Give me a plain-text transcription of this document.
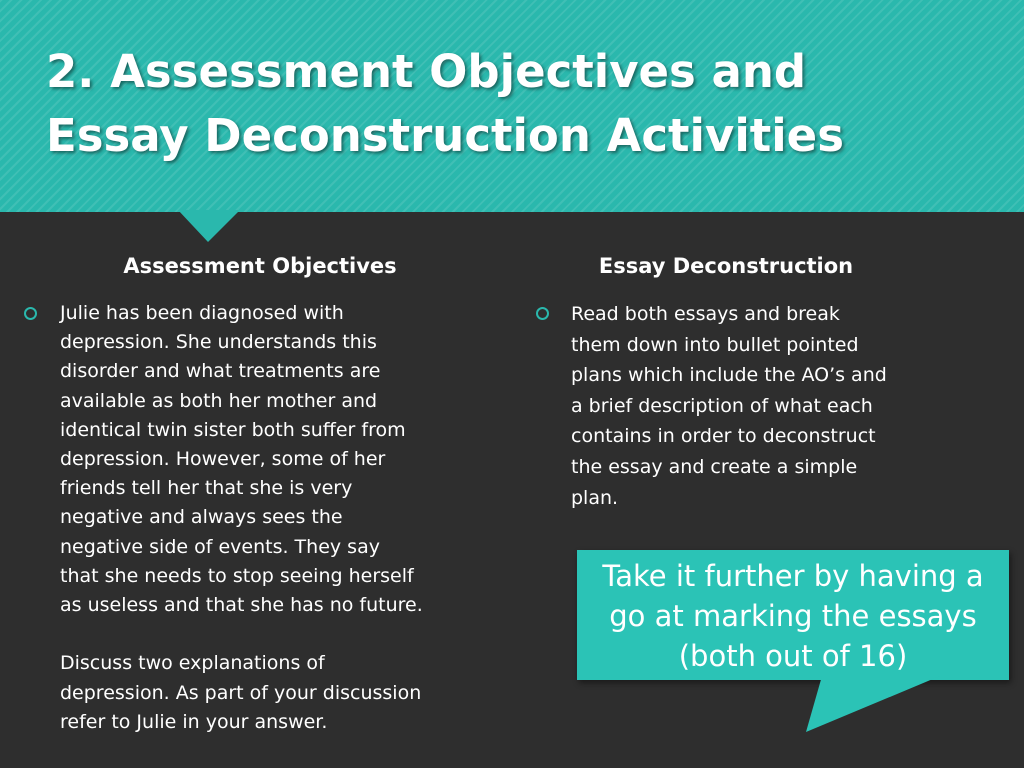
2. Assessment Objectives and
Essay Deconstruction Activities
Assessment Objectives	Essay Deconstruction

Julie has been diagnosed with
depression. She understands this
disorder and what treatments are
available as both her mother and
identical twin sister both suffer from
depression. However, some of her
friends tell her that she is very
negative and always sees the
negative side of events. They say
that she needs to stop seeing herself
as useless and that she has no future.

Discuss two explanations of
depression. As part of your discussion
refer to Julie in your answer.

Read both essays and break
them down into bullet pointed
plans which include the AO’s and
a brief description of what each
contains in order to deconstruct
the essay and create a simple
plan.

Take it further by having a go at marking the essays (both out of 16)
